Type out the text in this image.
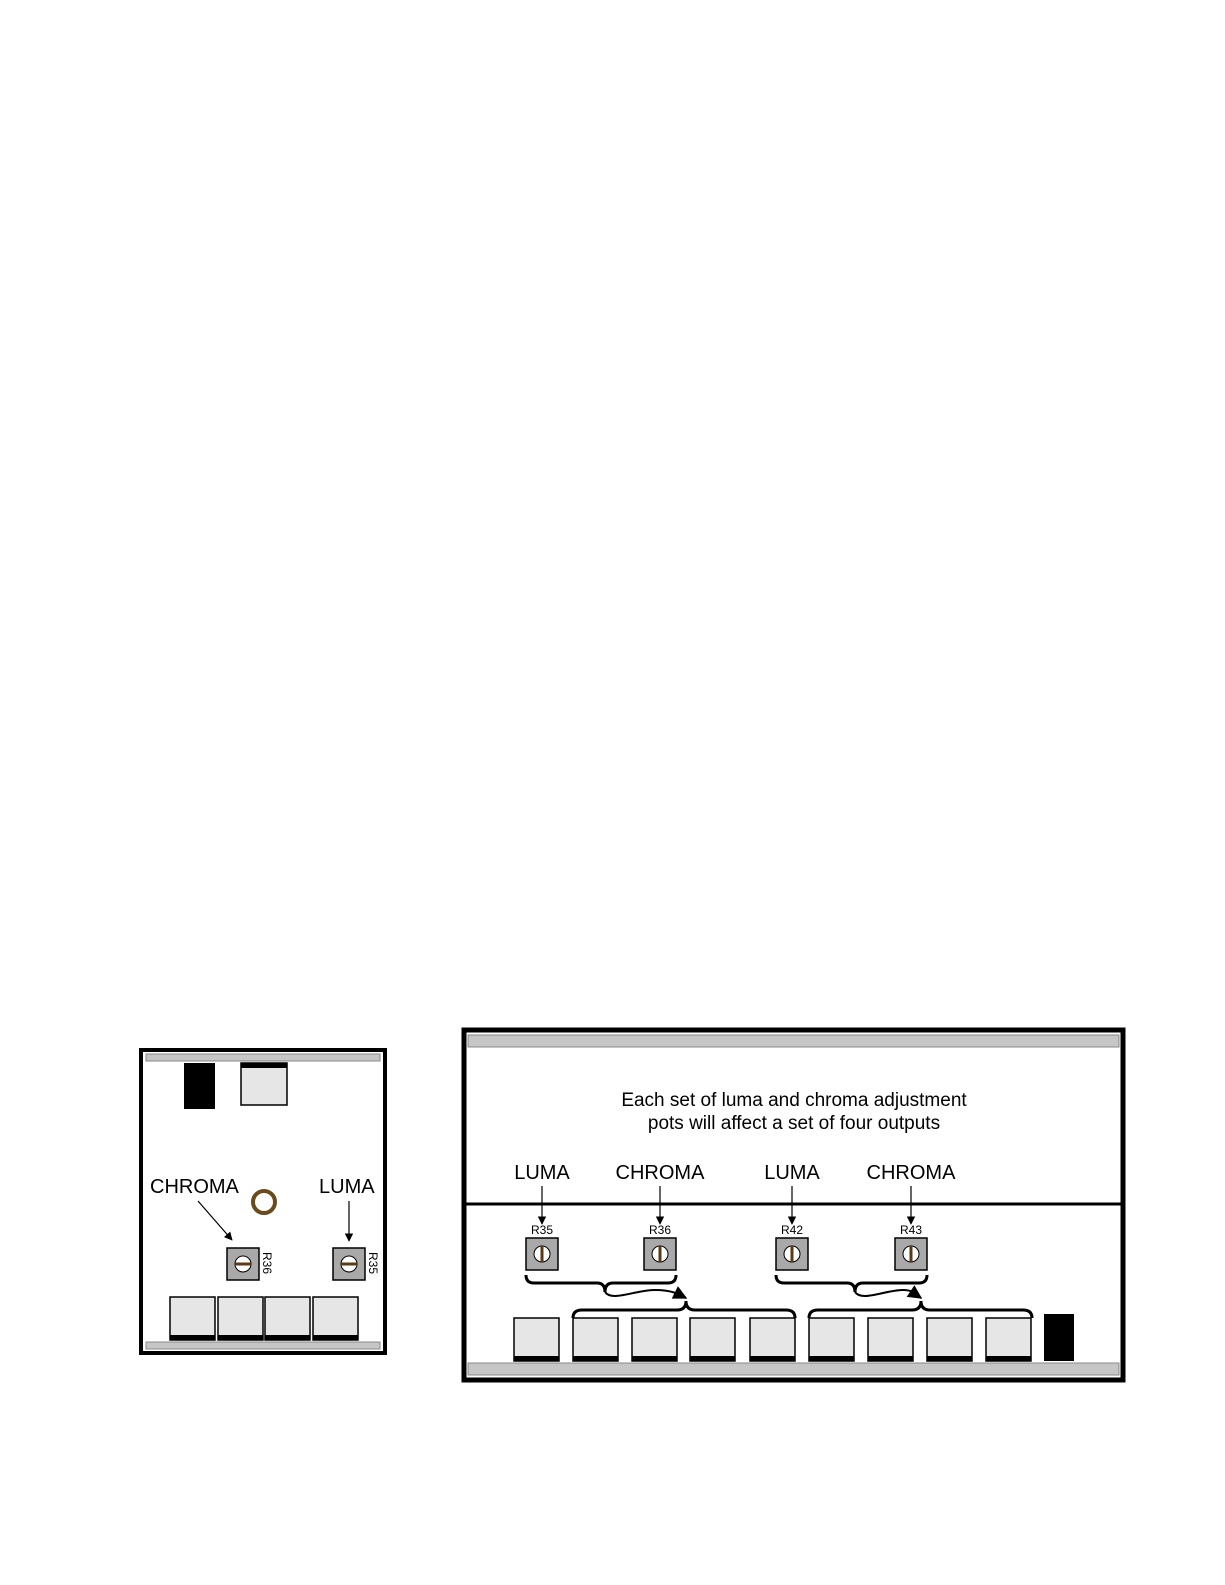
CHROMA	LUMA
R36	R35
Each set of luma and chroma adjustment
pots will affect a set of four outputs
LUMA CHROMA	LUMA CHROMA
R35	R36	R42	R43
